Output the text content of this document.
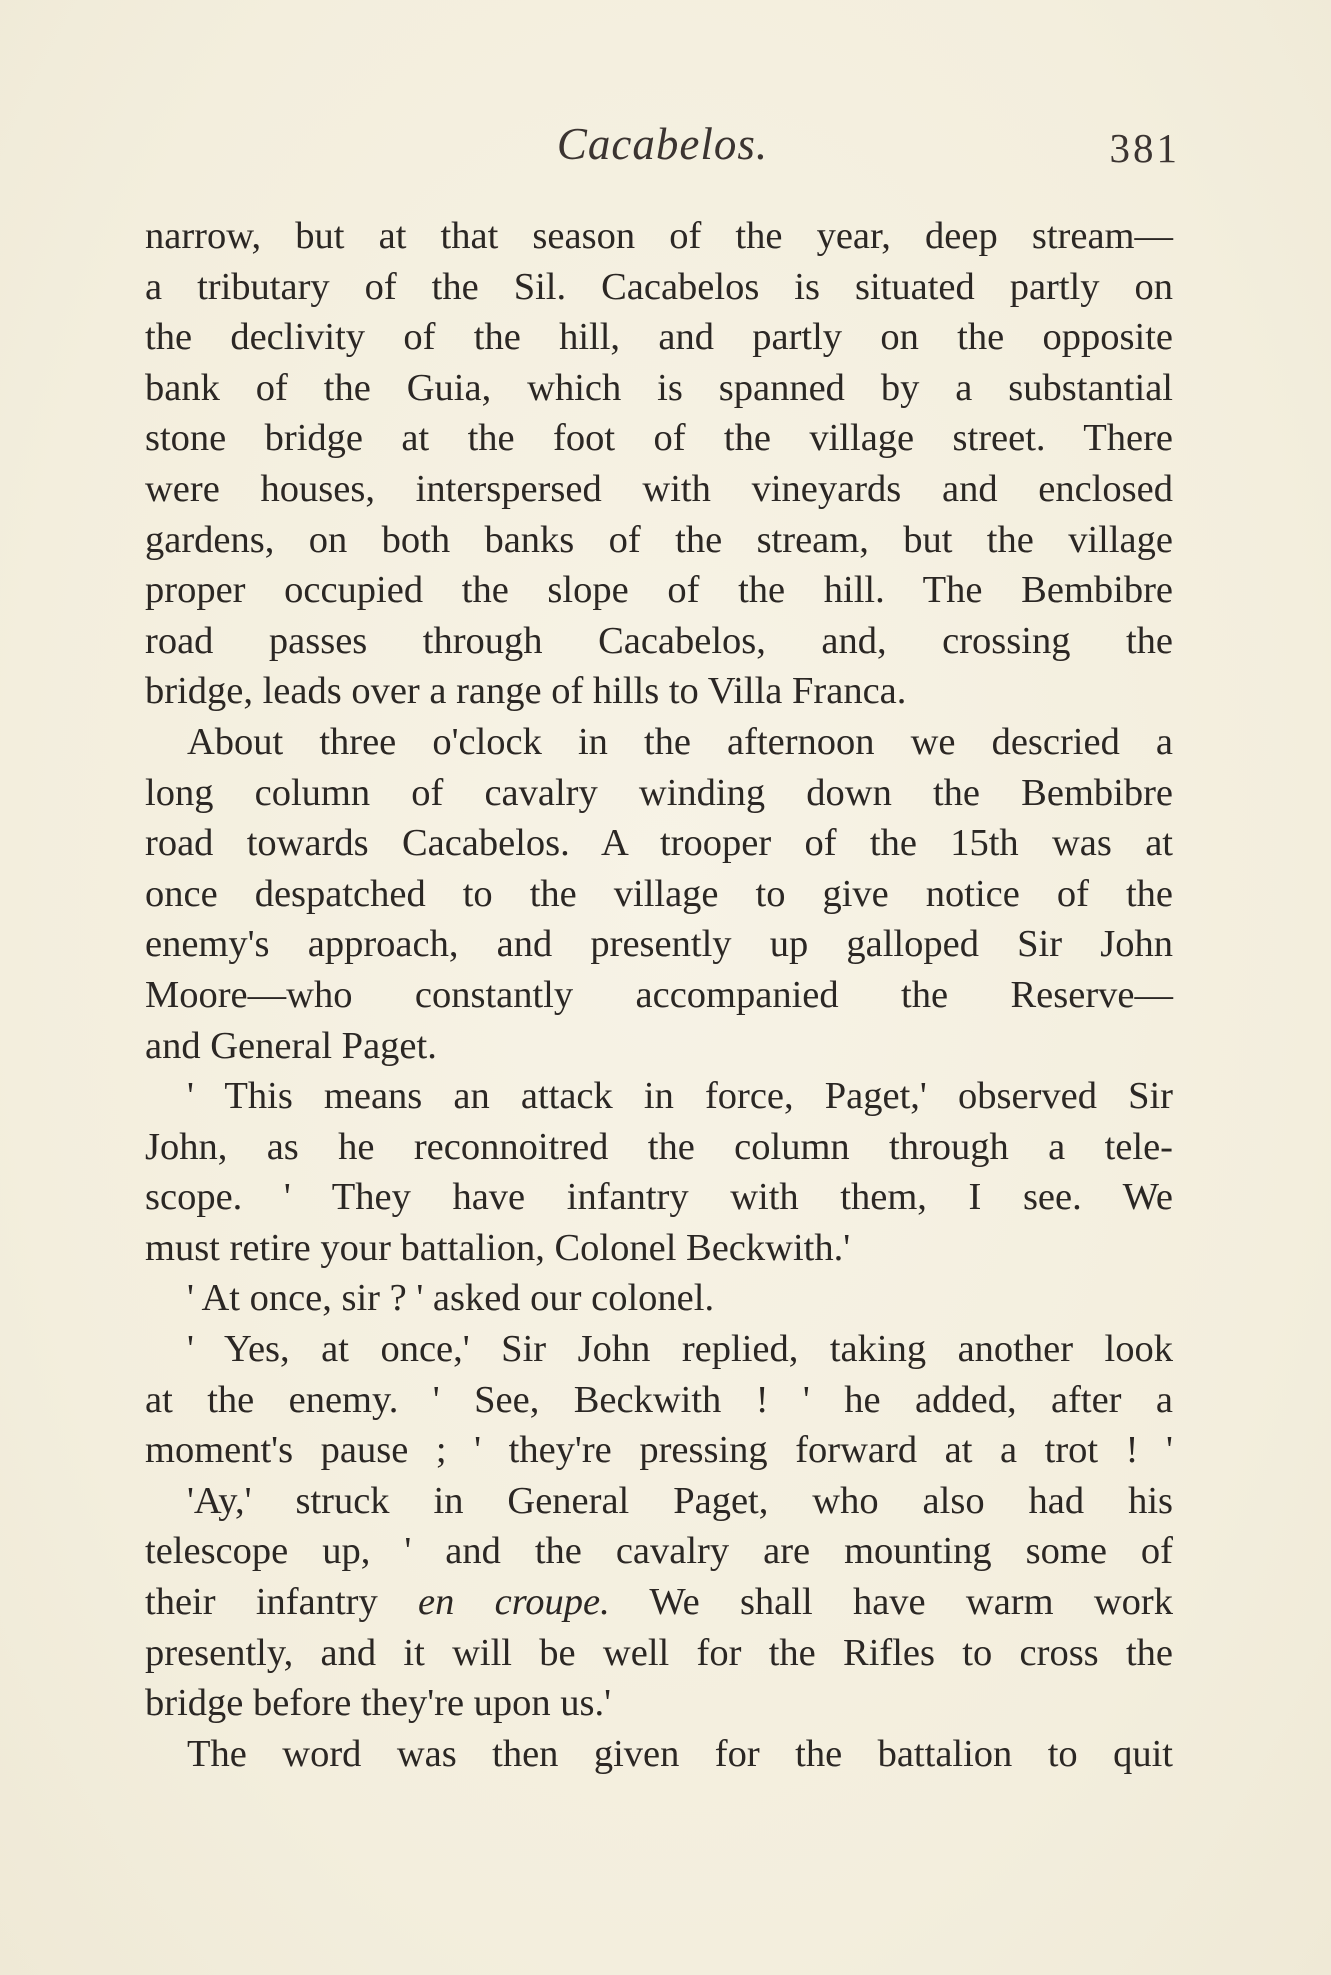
Cacabelos.	381
narrow, but at that season of the year, deep stream—
a tributary of the Sil. Cacabelos is situated partly on
the declivity of the hill, and partly on the opposite
bank of the Guia, which is spanned by a substantial
stone bridge at the foot of the village street. There
were houses, interspersed with vineyards and enclosed
gardens, on both banks of the stream, but the village
proper occupied the slope of the hill. The Bembibre
road passes through Cacabelos, and, crossing the
bridge, leads over a range of hills to Villa Franca.
About three o'clock in the afternoon we descried a
long column of cavalry winding down the Bembibre
road towards Cacabelos. A trooper of the 15th was at
once despatched to the village to give notice of the
enemy's approach, and presently up galloped Sir John
Moore—who constantly accompanied the Reserve—
and General Paget.
' This means an attack in force, Paget,' observed Sir
John, as he reconnoitred the column through a tele-
scope. ' They have infantry with them, I see. We
must retire your battalion, Colonel Beckwith.'
' At once, sir ? ' asked our colonel.
' Yes, at once,' Sir John replied, taking another look
at the enemy. ' See, Beckwith ! ' he added, after a
moment's pause ; ' they're pressing forward at a trot ! '
'Ay,' struck in General Paget, who also had his
telescope up, ' and the cavalry are mounting some of
their infantry en croupe. We shall have warm work
presently, and it will be well for the Rifles to cross the
bridge before they're upon us.'
The word was then given for the battalion to quit
